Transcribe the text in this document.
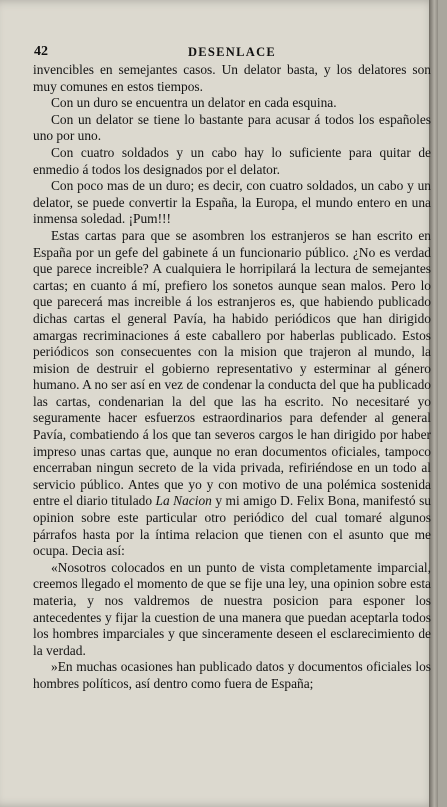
42	DESENLACE

invencibles en semejantes casos. Un delator basta, y los delatores son muy comunes en estos tiempos.

Con un duro se encuentra un delator en cada esquina.

Con un delator se tiene lo bastante para acusar á todos los españoles uno por uno.

Con cuatro soldados y un cabo hay lo suficiente para quitar de enmedio á todos los designados por el delator.

Con poco mas de un duro; es decir, con cuatro soldados, un cabo y un delator, se puede convertir la España, la Europa, el mundo entero en una inmensa soledad. ¡Pum!!!

Estas cartas para que se asombren los estranjeros se han escrito en España por un gefe del gabinete á un funcionario público. ¿No es verdad que parece increible? A cualquiera le horripilará la lectura de semejantes cartas; en cuanto á mí, prefiero los sonetos aunque sean malos. Pero lo que parecerá mas increible á los estranjeros es, que habiendo publicado dichas cartas el general Pavía, ha habido periódicos que han dirigido amargas recriminaciones á este caballero por haberlas publicado. Estos periódicos son consecuentes con la mision que trajeron al mundo, la mision de destruir el gobierno representativo y esterminar al género humano. A no ser así en vez de condenar la conducta del que ha publicado las cartas, condenarian la del que las ha escrito. No necesitaré yo seguramente hacer esfuerzos estraordinarios para defender al general Pavía, combatiendo á los que tan severos cargos le han dirigido por haber impreso unas cartas que, aunque no eran documentos oficiales, tampoco encerraban ningun secreto de la vida privada, refiriéndose en un todo al servicio público. Antes que yo y con motivo de una polémica sostenida entre el diario titulado La Nacion y mi amigo D. Felix Bona, manifestó su opinion sobre este particular otro periódico del cual tomaré algunos párrafos hasta por la íntima relacion que tienen con el asunto que me ocupa. Decia así:

«Nosotros colocados en un punto de vista completamente imparcial, creemos llegado el momento de que se fije una ley, una opinion sobre esta materia, y nos valdremos de nuestra posicion para esponer los antecedentes y fijar la cuestion de una manera que puedan aceptarla todos los hombres imparciales y que sinceramente deseen el esclarecimiento de la verdad.

»En muchas ocasiones han publicado datos y documentos oficiales los hombres políticos, así dentro como fuera de España;
